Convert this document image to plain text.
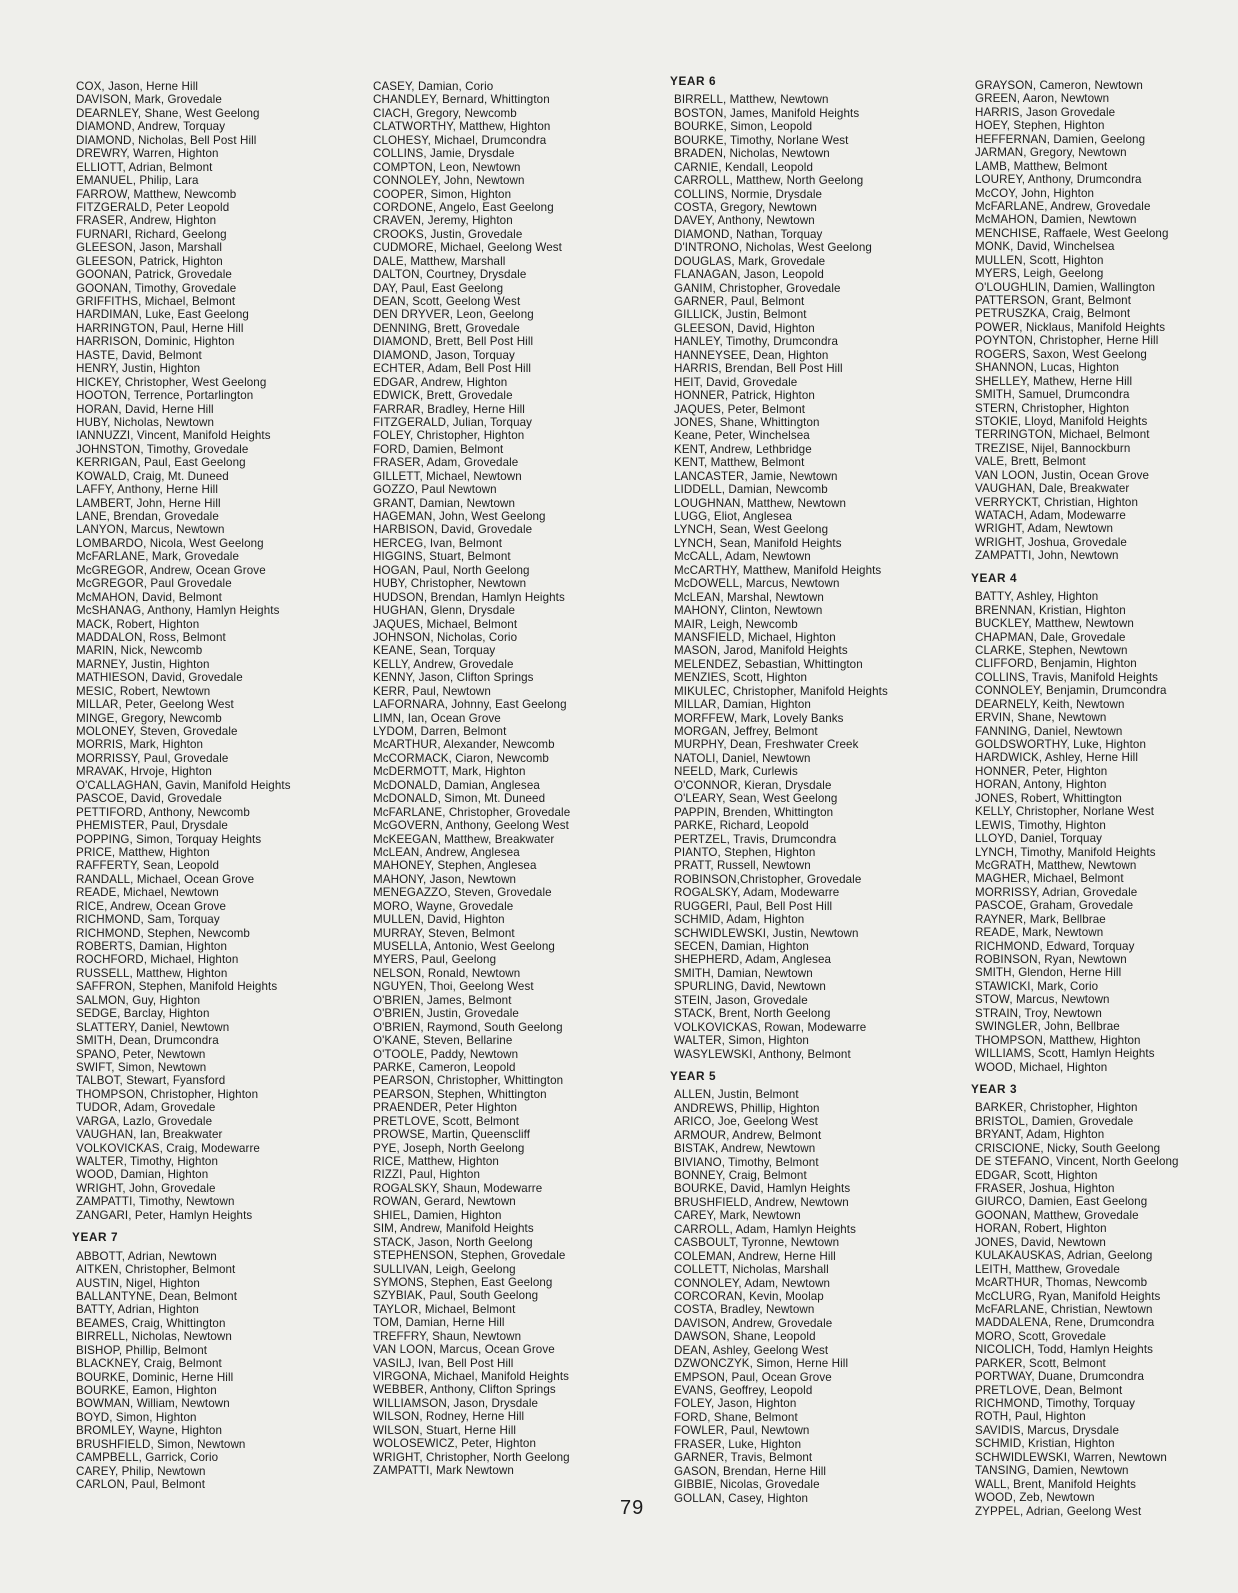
COX, Jason, Herne Hill
DAVISON, Mark, Grovedale
DEARNLEY, Shane, West Geelong
DIAMOND, Andrew, Torquay
DIAMOND, Nicholas, Bell Post Hill
DREWRY, Warren, Highton
ELLIOTT, Adrian, Belmont
EMANUEL, Philip, Lara
FARROW, Matthew, Newcomb
FITZGERALD, Peter Leopold
FRASER, Andrew, Highton
FURNARI, Richard, Geelong
GLEESON, Jason, Marshall
GLEESON, Patrick, Highton
GOONAN, Patrick, Grovedale
GOONAN, Timothy, Grovedale
GRIFFITHS, Michael, Belmont
HARDIMAN, Luke, East Geelong
HARRINGTON, Paul, Herne Hill
HARRISON, Dominic, Highton
HASTE, David, Belmont
HENRY, Justin, Highton
HICKEY, Christopher, West Geelong
HOOTON, Terrence, Portarlington
HORAN, David, Herne Hill
HUBY, Nicholas, Newtown
IANNUZZI, Vincent, Manifold Heights
JOHNSTON, Timothy, Grovedale
KERRIGAN, Paul, East Geelong
KOWALD, Craig, Mt. Duneed
LAFFY, Anthony, Herne Hill
LAMBERT, John, Herne Hill
LANE, Brendan, Grovedale
LANYON, Marcus, Newtown
LOMBARDO, Nicola, West Geelong
McFARLANE, Mark, Grovedale
McGREGOR, Andrew, Ocean Grove
McGREGOR, Paul Grovedale
McMAHON, David, Belmont
McSHANAG, Anthony, Hamlyn Heights
MACK, Robert, Highton
MADDALON, Ross, Belmont
MARIN, Nick, Newcomb
MARNEY, Justin, Highton
MATHIESON, David, Grovedale
MESIC, Robert, Newtown
MILLAR, Peter, Geelong West
MINGE, Gregory, Newcomb
MOLONEY, Steven, Grovedale
MORRIS, Mark, Highton
MORRISSY, Paul, Grovedale
MRAVAK, Hrvoje, Highton
O'CALLAGHAN, Gavin, Manifold Heights
PASCOE, David, Grovedale
PETTIFORD, Anthony, Newcomb
PHEMISTER, Paul, Drysdale
POPPING, Simon, Torquay Heights
PRICE, Matthew, Highton
RAFFERTY, Sean, Leopold
RANDALL, Michael, Ocean Grove
READE, Michael, Newtown
RICE, Andrew, Ocean Grove
RICHMOND, Sam, Torquay
RICHMOND, Stephen, Newcomb
ROBERTS, Damian, Highton
ROCHFORD, Michael, Highton
RUSSELL, Matthew, Highton
SAFFRON, Stephen, Manifold Heights
SALMON, Guy, Highton
SEDGE, Barclay, Highton
SLATTERY, Daniel, Newtown
SMITH, Dean, Drumcondra
SPANO, Peter, Newtown
SWIFT, Simon, Newtown
TALBOT, Stewart, Fyansford
THOMPSON, Christopher, Highton
TUDOR, Adam, Grovedale
VARGA, Lazlo, Grovedale
VAUGHAN, Ian, Breakwater
VOLKOVICKAS, Craig, Modewarre
WALTER, Timothy, Highton
WOOD, Damian, Highton
WRIGHT, John, Grovedale
ZAMPATTI, Timothy, Newtown
ZANGARI, Peter, Hamlyn Heights
YEAR 7
ABBOTT, Adrian, Newtown
AITKEN, Christopher, Belmont
AUSTIN, Nigel, Highton
BALLANTYNE, Dean, Belmont
BATTY, Adrian, Highton
BEAMES, Craig, Whittington
BIRRELL, Nicholas, Newtown
BISHOP, Phillip, Belmont
BLACKNEY, Craig, Belmont
BOURKE, Dominic, Herne Hill
BOURKE, Eamon, Highton
BOWMAN, William, Newtown
BOYD, Simon, Highton
BROMLEY, Wayne, Highton
BRUSHFIELD, Simon, Newtown
CAMPBELL, Garrick, Corio
CAREY, Philip, Newtown
CARLON, Paul, Belmont
CASEY, Damian, Corio
CHANDLEY, Bernard, Whittington
CIACH, Gregory, Newcomb
CLATWORTHY, Matthew, Highton
CLOHESY, Michael, Drumcondra
COLLINS, Jamie, Drysdale
COMPTON, Leon, Newtown
CONNOLEY, John, Newtown
COOPER, Simon, Highton
CORDONE, Angelo, East Geelong
CRAVEN, Jeremy, Highton
CROOKS, Justin, Grovedale
CUDMORE, Michael, Geelong West
DALE, Matthew, Marshall
DALTON, Courtney, Drysdale
DAY, Paul, East Geelong
DEAN, Scott, Geelong West
DEN DRYVER, Leon, Geelong
DENNING, Brett, Grovedale
DIAMOND, Brett, Bell Post Hill
DIAMOND, Jason, Torquay
ECHTER, Adam, Bell Post Hill
EDGAR, Andrew, Highton
EDWICK, Brett, Grovedale
FARRAR, Bradley, Herne Hill
FITZGERALD, Julian, Torquay
FOLEY, Christopher, Highton
FORD, Damien, Belmont
FRASER, Adam, Grovedale
GILLETT, Michael, Newtown
GOZZO, Paul Newtown
GRANT, Damian, Newtown
HAGEMAN, John, West Geelong
HARBISON, David, Grovedale
HERCEG, Ivan, Belmont
HIGGINS, Stuart, Belmont
HOGAN, Paul, North Geelong
HUBY, Christopher, Newtown
HUDSON, Brendan, Hamlyn Heights
HUGHAN, Glenn, Drysdale
JAQUES, Michael, Belmont
JOHNSON, Nicholas, Corio
KEANE, Sean, Torquay
KELLY, Andrew, Grovedale
KENNY, Jason, Clifton Springs
KERR, Paul, Newtown
LAFORNARA, Johnny, East Geelong
LIMN, Ian, Ocean Grove
LYDOM, Darren, Belmont
McARTHUR, Alexander, Newcomb
McCORMACK, Ciaron, Newcomb
McDERMOTT, Mark, Highton
McDONALD, Damian, Anglesea
McDONALD, Simon, Mt. Duneed
McFARLANE, Christopher, Grovedale
McGOVERN, Anthony, Geelong West
McKEEGAN, Matthew, Breakwater
McLEAN, Andrew, Anglesea
MAHONEY, Stephen, Anglesea
MAHONY, Jason, Newtown
MENEGAZZO, Steven, Grovedale
MORO, Wayne, Grovedale
MULLEN, David, Highton
MURRAY, Steven, Belmont
MUSELLA, Antonio, West Geelong
MYERS, Paul, Geelong
NELSON, Ronald, Newtown
NGUYEN, Thoi, Geelong West
O'BRIEN, James, Belmont
O'BRIEN, Justin, Grovedale
O'BRIEN, Raymond, South Geelong
O'KANE, Steven, Bellarine
O'TOOLE, Paddy, Newtown
PARKE, Cameron, Leopold
PEARSON, Christopher, Whittington
PEARSON, Stephen, Whittington
PRAENDER, Peter Highton
PRETLOVE, Scott, Belmont
PROWSE, Martin, Queenscliff
PYE, Joseph, North Geelong
RICE, Matthew, Highton
RIZZI, Paul, Highton
ROGALSKY, Shaun, Modewarre
ROWAN, Gerard, Newtown
SHIEL, Damien, Highton
SIM, Andrew, Manifold Heights
STACK, Jason, North Geelong
STEPHENSON, Stephen, Grovedale
SULLIVAN, Leigh, Geelong
SYMONS, Stephen, East Geelong
SZYBIAK, Paul, South Geelong
TAYLOR, Michael, Belmont
TOM, Damian, Herne Hill
TREFFRY, Shaun, Newtown
VAN LOON, Marcus, Ocean Grove
VASILJ, Ivan, Bell Post Hill
VIRGONA, Michael, Manifold Heights
WEBBER, Anthony, Clifton Springs
WILLIAMSON, Jason, Drysdale
WILSON, Rodney, Herne Hill
WILSON, Stuart, Herne Hill
WOLOSEWICZ, Peter, Highton
WRIGHT, Christopher, North Geelong
ZAMPATTI, Mark Newtown
YEAR 6
BIRRELL, Matthew, Newtown
BOSTON, James, Manifold Heights
BOURKE, Simon, Leopold
BOURKE, Timothy, Norlane West
BRADEN, Nicholas, Newtown
CARNIE, Kendall, Leopold
CARROLL, Matthew, North Geelong
COLLINS, Normie, Drysdale
COSTA, Gregory, Newtown
DAVEY, Anthony, Newtown
DIAMOND, Nathan, Torquay
D'INTRONO, Nicholas, West Geelong
DOUGLAS, Mark, Grovedale
FLANAGAN, Jason, Leopold
GANIM, Christopher, Grovedale
GARNER, Paul, Belmont
GILLICK, Justin, Belmont
GLEESON, David, Highton
HANLEY, Timothy, Drumcondra
HANNEYSEE, Dean, Highton
HARRIS, Brendan, Bell Post Hill
HEIT, David, Grovedale
HONNER, Patrick, Highton
JAQUES, Peter, Belmont
JONES, Shane, Whittington
Keane, Peter, Winchelsea
KENT, Andrew, Lethbridge
KENT, Matthew, Belmont
LANCASTER, Jamie, Newtown
LIDDELL, Damian, Newcomb
LOUGHNAN, Matthew, Newtown
LUGG, Eliot, Anglesea
LYNCH, Sean, West Geelong
LYNCH, Sean, Manifold Heights
McCALL, Adam, Newtown
McCARTHY, Matthew, Manifold Heights
McDOWELL, Marcus, Newtown
McLEAN, Marshal, Newtown
MAHONY, Clinton, Newtown
MAIR, Leigh, Newcomb
MANSFIELD, Michael, Highton
MASON, Jarod, Manifold Heights
MELENDEZ, Sebastian, Whittington
MENZIES, Scott, Highton
MIKULEC, Christopher, Manifold Heights
MILLAR, Damian, Highton
MORFFEW, Mark, Lovely Banks
MORGAN, Jeffrey, Belmont
MURPHY, Dean, Freshwater Creek
NATOLI, Daniel, Newtown
NEELD, Mark, Curlewis
O'CONNOR, Kieran, Drysdale
O'LEARY, Sean, West Geelong
PAPPIN, Brenden, Whittington
PARKE, Richard, Leopold
PERTZEL, Travis, Drumcondra
PIANTO, Stephen, Highton
PRATT, Russell, Newtown
ROBINSON,Christopher, Grovedale
ROGALSKY, Adam, Modewarre
RUGGERI, Paul, Bell Post Hill
SCHMID, Adam, Highton
SCHWIDLEWSKI, Justin, Newtown
SECEN, Damian, Highton
SHEPHERD, Adam, Anglesea
SMITH, Damian, Newtown
SPURLING, David, Newtown
STEIN, Jason, Grovedale
STACK, Brent, North Geelong
VOLKOVICKAS, Rowan, Modewarre
WALTER, Simon, Highton
WASYLEWSKI, Anthony, Belmont
YEAR 5
ALLEN, Justin, Belmont
ANDREWS, Phillip, Highton
ARICO, Joe, Geelong West
ARMOUR, Andrew, Belmont
BISTAK, Andrew, Newtown
BIVIANO, Timothy, Belmont
BONNEY, Craig, Belmont
BOURKE, David, Hamlyn Heights
BRUSHFIELD, Andrew, Newtown
CAREY, Mark, Newtown
CARROLL, Adam, Hamlyn Heights
CASBOULT, Tyronne, Newtown
COLEMAN, Andrew, Herne Hill
COLLETT, Nicholas, Marshall
CONNOLEY, Adam, Newtown
CORCORAN, Kevin, Moolap
COSTA, Bradley, Newtown
DAVISON, Andrew, Grovedale
DAWSON, Shane, Leopold
DEAN, Ashley, Geelong West
DZWONCZYK, Simon, Herne Hill
EMPSON, Paul, Ocean Grove
EVANS, Geoffrey, Leopold
FOLEY, Jason, Highton
FORD, Shane, Belmont
FOWLER, Paul, Newtown
FRASER, Luke, Highton
GARNER, Travis, Belmont
GASON, Brendan, Herne Hill
GIBBIE, Nicolas, Grovedale
GOLLAN, Casey, Highton
GRAYSON, Cameron, Newtown
GREEN, Aaron, Newtown
HARRIS, Jason Grovedale
HOEY, Stephen, Highton
HEFFERNAN, Damien, Geelong
JARMAN, Gregory, Newtown
LAMB, Matthew, Belmont
LOUREY, Anthony, Drumcondra
McCOY, John, Highton
McFARLANE, Andrew, Grovedale
McMAHON, Damien, Newtown
MENCHISE, Raffaele, West Geelong
MONK, David, Winchelsea
MULLEN, Scott, Highton
MYERS, Leigh, Geelong
O'LOUGHLIN, Damien, Wallington
PATTERSON, Grant, Belmont
PETRUSZKA, Craig, Belmont
POWER, Nicklaus, Manifold Heights
POYNTON, Christopher, Herne Hill
ROGERS, Saxon, West Geelong
SHANNON, Lucas, Highton
SHELLEY, Mathew, Herne Hill
SMITH, Samuel, Drumcondra
STERN, Christopher, Highton
STOKIE, Lloyd, Manifold Heights
TERRINGTON, Michael, Belmont
TREZISE, Nijel, Bannockburn
VALE, Brett, Belmont
VAN LOON, Justin, Ocean Grove
VAUGHAN, Dale, Breakwater
VERRYCKT, Christian, Highton
WATACH, Adam, Modewarre
WRIGHT, Adam, Newtown
WRIGHT, Joshua, Grovedale
ZAMPATTI, John, Newtown
YEAR 4
BATTY, Ashley, Highton
BRENNAN, Kristian, Highton
BUCKLEY, Matthew, Newtown
CHAPMAN, Dale, Grovedale
CLARKE, Stephen, Newtown
CLIFFORD, Benjamin, Highton
COLLINS, Travis, Manifold Heights
CONNOLEY, Benjamin, Drumcondra
DEARNELY, Keith, Newtown
ERVIN, Shane, Newtown
FANNING, Daniel, Newtown
GOLDSWORTHY, Luke, Highton
HARDWICK, Ashley, Herne Hill
HONNER, Peter, Highton
HORAN, Antony, Highton
JONES, Robert, Whittington
KELLY, Christopher, Norlane West
LEWIS, Timothy, Highton
LLOYD, Daniel, Torquay
LYNCH, Timothy, Manifold Heights
McGRATH, Matthew, Newtown
MAGHER, Michael, Belmont
MORRISSY, Adrian, Grovedale
PASCOE, Graham, Grovedale
RAYNER, Mark, Bellbrae
READE, Mark, Newtown
RICHMOND, Edward, Torquay
ROBINSON, Ryan, Newtown
SMITH, Glendon, Herne Hill
STAWICKI, Mark, Corio
STOW, Marcus, Newtown
STRAIN, Troy, Newtown
SWINGLER, John, Bellbrae
THOMPSON, Matthew, Highton
WILLIAMS, Scott, Hamlyn Heights
WOOD, Michael, Highton
YEAR 3
BARKER, Christopher, Highton
BRISTOL, Damien, Grovedale
BRYANT, Adam, Highton
CRISCIONE, Nicky, South Geelong
DE STEFANO, Vincent, North Geelong
EDGAR, Scott, Highton
FRASER, Joshua, Highton
GIURCO, Damien, East Geelong
GOONAN, Matthew, Grovedale
HORAN, Robert, Highton
JONES, David, Newtown
KULAKAUSKAS, Adrian, Geelong
LEITH, Matthew, Grovedale
McARTHUR, Thomas, Newcomb
McCLURG, Ryan, Manifold Heights
McFARLANE, Christian, Newtown
MADDALENA, Rene, Drumcondra
MORO, Scott, Grovedale
NICOLICH, Todd, Hamlyn Heights
PARKER, Scott, Belmont
PORTWAY, Duane, Drumcondra
PRETLOVE, Dean, Belmont
RICHMOND, Timothy, Torquay
ROTH, Paul, Highton
SAVIDIS, Marcus, Drysdale
SCHMID, Kristian, Highton
SCHWIDLEWSKI, Warren, Newtown
TANSING, Damien, Newtown
WALL, Brent, Manifold Heights
WOOD, Zeb, Newtown
ZYPPEL, Adrian, Geelong West
79
